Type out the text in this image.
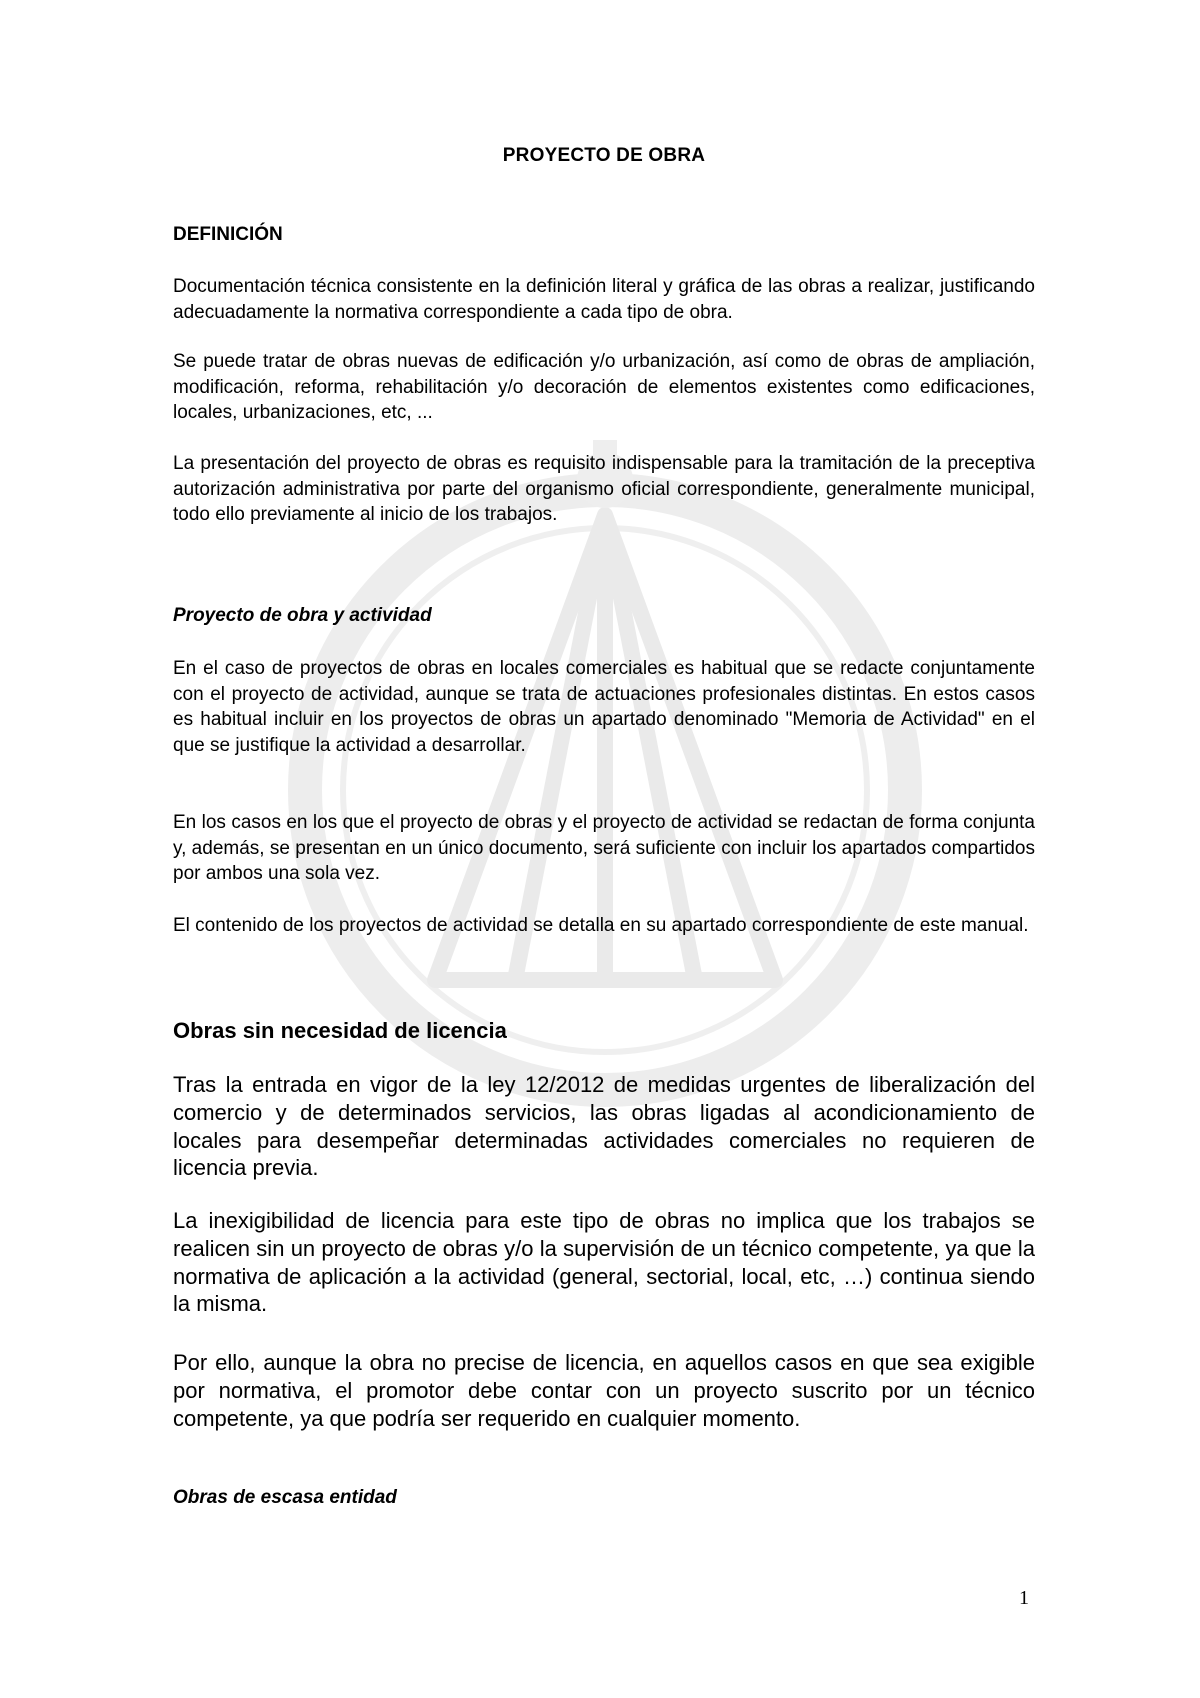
PROYECTO DE OBRA
DEFINICIÓN

Documentación técnica consistente en la definición literal y gráfica de las obras a realizar, justificando adecuadamente la normativa correspondiente a cada tipo de obra.

Se puede tratar de obras nuevas de edificación y/o urbanización, así como de obras de ampliación, modificación, reforma, rehabilitación y/o decoración de elementos existentes como edificaciones, locales, urbanizaciones, etc, ...

La presentación del proyecto de obras es requisito indispensable para la tramitación de la preceptiva autorización administrativa por parte del organismo oficial correspondiente, generalmente municipal, todo ello previamente al inicio de los trabajos.

Proyecto de obra y actividad

En el caso de proyectos de obras en locales comerciales es habitual que se redacte conjuntamente con el proyecto de actividad, aunque se trata de actuaciones profesionales distintas. En estos casos es habitual incluir en los proyectos de obras un apartado denominado "Memoria de Actividad" en el que se justifique la actividad a desarrollar.

En los casos en los que el proyecto de obras y el proyecto de actividad se redactan de forma conjunta y, además, se presentan en un único documento, será suficiente con incluir los apartados compartidos por ambos una sola vez.

El contenido de los proyectos de actividad se detalla en su apartado correspondiente de este manual.

Obras sin necesidad de licencia

Tras la entrada en vigor de la ley 12/2012 de medidas urgentes de liberalización del comercio y de determinados servicios, las obras ligadas al acondicionamiento de locales para desempeñar determinadas actividades comerciales no requieren de licencia previa.

La inexigibilidad de licencia para este tipo de obras no implica que los trabajos se realicen sin un proyecto de obras y/o la supervisión de un técnico competente, ya que la normativa de aplicación a la actividad (general, sectorial, local, etc, …) continua siendo la misma.

Por ello, aunque la obra no precise de licencia, en aquellos casos en que sea exigible por normativa, el promotor debe contar con un proyecto suscrito por un técnico competente, ya que podría ser requerido en cualquier momento.

Obras de escasa entidad
1
